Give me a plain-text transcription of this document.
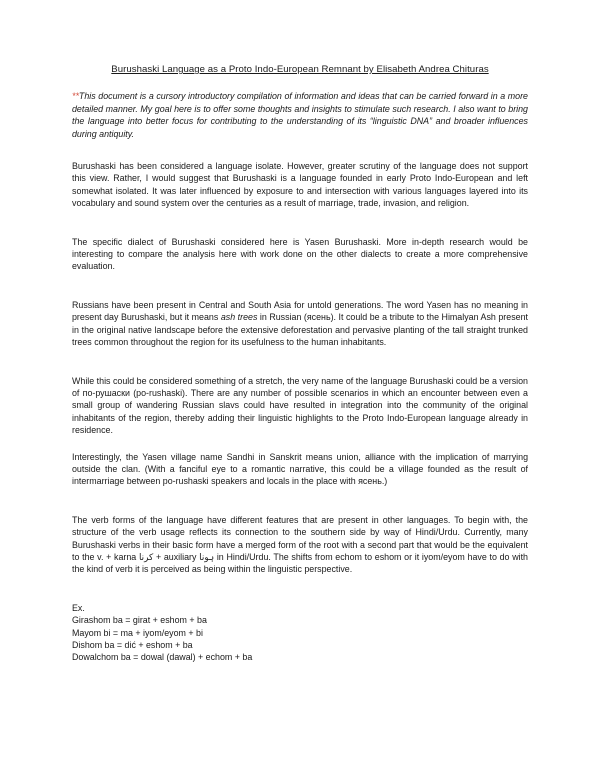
Burushaski Language as a Proto Indo-European Remnant by Elisabeth Andrea Chituras

**This document is a cursory introductory compilation of information and ideas that can be carried forward in a more detailed manner. My goal here is to offer some thoughts and insights to stimulate such research. I also want to bring the language into better focus for contributing to the understanding of its “linguistic DNA” and broader influences during antiquity.

Burushaski has been considered a language isolate. However, greater scrutiny of the language does not support this view. Rather, I would suggest that Burushaski is a language founded in early Proto Indo-European and left somewhat isolated. It was later influenced by exposure to and intersection with various languages layered into its vocabulary and sound system over the centuries as a result of marriage, trade, invasion, and religion.

The specific dialect of Burushaski considered here is Yasen Burushaski. More in-depth research would be interesting to compare the analysis here with work done on the other dialects to create a more comprehensive evaluation.

Russians have been present in Central and South Asia for untold generations. The word Yasen has no meaning in present day Burushaski, but it means ash trees in Russian (ясень). It could be a tribute to the Himalyan Ash present in the original native landscape before the extensive deforestation and pervasive planting of the tall straight trunked trees common throughout the region for its usefulness to the human inhabitants.

While this could be considered something of a stretch, the very name of the language Burushaski could be a version of по-рушаски (po-rushaski). There are any number of possible scenarios in which an encounter between even a small group of wandering Russian slavs could have resulted in integration into the community of the original inhabitants of the region, thereby adding their linguistic highlights to the Proto Indo-European language already in residence.

Interestingly, the Yasen village name Sandhi in Sanskrit means union, alliance with the implication of marrying outside the clan. (With a fanciful eye to a romantic narrative, this could be a village founded as the result of intermarriage between po-rushaski speakers and locals in the place with ясень.)

The verb forms of the language have different features that are present in other languages. To begin with, the structure of the verb usage reflects its connection to the southern side by way of Hindi/Urdu. Currently, many Burushaski verbs in their basic form have a merged form of the root with a second part that would be the equivalent to the v. + karna کرنا + auxiliary ہونا in Hindi/Urdu. The shifts from echom to eshom or it iyom/eyom have to do with the kind of verb it is perceived as being within the linguistic perspective.

Ex.
Girashom ba = girat + eshom + ba
Mayom bi = ma + iyom/eyom + bi
Dishom ba = dić + eshom + ba
Dowalchom ba = dowal (dawal) + echom + ba
